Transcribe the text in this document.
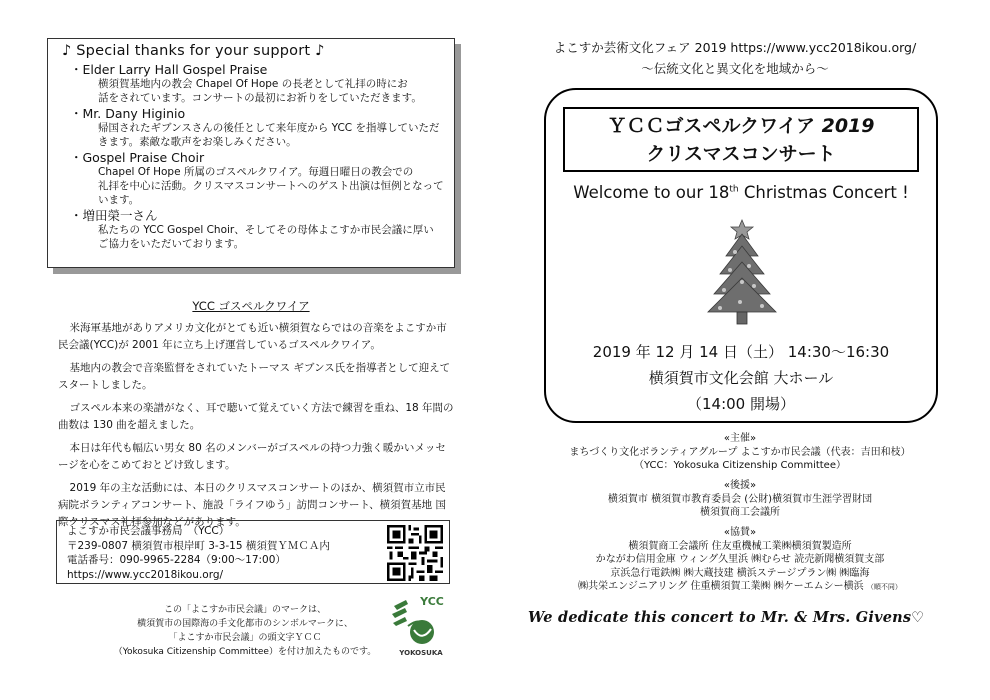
♪ Special thanks for your support ♪
・Elder Larry Hall Gospel Praise
横須賀基地内の教会 Chapel Of Hope の長老として礼拝の時にお
話をされています。コンサートの最初にお祈りをしていただきます。
・Mr. Dany Higinio
帰国されたギブンスさんの後任として来年度から YCC を指導していただ
きます。素敵な歌声をお楽しみください。
・Gospel Praise Choir
Chapel Of Hope 所属のゴスペルクワイア。毎週日曜日の教会での
礼拝を中心に活動。クリスマスコンサートへのゲスト出演は恒例となって
います。
・増田榮一さん
私たちの YCC Gospel Choir、そしてその母体よこすか市民会議に厚い
ご協力をいただいております。
YCC ゴスペルクワイア

米海軍基地がありアメリカ文化がとても近い横須賀ならではの音楽をよこすか市民会議(YCC)が 2001 年に立ち上げ運営しているゴスペルクワイア。

基地内の教会で音楽監督をされていたトーマス ギブンス氏を指導者として迎えてスタートしました。

ゴスペル本来の楽譜がなく、耳で聴いて覚えていく方法で練習を重ね、18 年間の曲数は 130 曲を超えました。

本日は年代も幅広い男女 80 名のメンバーがゴスペルの持つ力強く暖かいメッセージを心をこめておとどけ致します。

2019 年の主な活動には、本日のクリスマスコンサートのほか、横須賀市立市民病院ボランティアコンサート、施設「ライフゆう」訪問コンサート、横須賀基地 国際クリスマス礼拝参加などがあります。

よこすか市民会議事務局　（YCC）
〒239-0807 横須賀市根岸町 3-3-15 横須賀ＹＭＣＡ内
電話番号：090-9965-2284（9:00～17:00）
https://www.ycc2018ikou.org/
この「よこすか市民会議」のマークは、
横須賀市の国際海の手文化都市のシンボルマークに、
「よこすか市民会議」の頭文字ＹＣＣ
（Yokosuka Citizenship Committee）を付け加えたものです。
YCC
YOKOSUKA
よこすか芸術文化フェア 2019 https://www.ycc2018ikou.org/
～伝統文化と異文化を地域から～
ＹＣＣゴスペルクワイア 2019
クリスマスコンサート
Welcome to our 18th Christmas Concert !
2019 年 12 月 14 日（土） 14:30～16:30
横須賀市文化会館 大ホール
（14:00 開場）
«主催»
まちづくり文化ボランティアグループ よこすか市民会議（代表：吉田和枝）
（YCC：Yokosuka Citizenship Committee）
«後援»
横須賀市 横須賀市教育委員会 (公財)横須賀市生涯学習財団
横須賀商工会議所
«協賛»
横須賀商工会議所 住友重機械工業㈱横須賀製造所
かながわ信用金庫 ウィング久里浜 ㈱むらせ 読売新聞横須賀支部
京浜急行電鉄㈱ ㈱大蔵技建 横浜ステージプラン㈱ ㈱臨海
㈱共栄エンジニアリング 住重横須賀工業㈱ ㈱ケーエムシー横浜 （順不同）
We dedicate this concert to Mr. & Mrs. Givens♡
